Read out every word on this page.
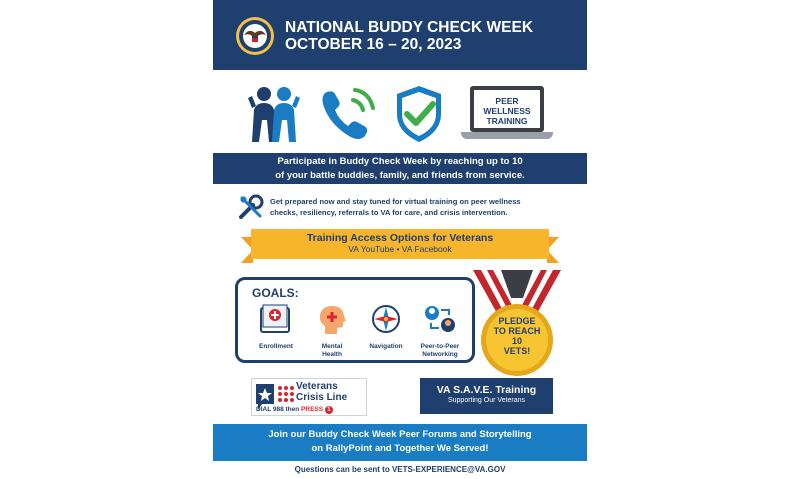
NATIONAL BUDDY CHECK WEEK
OCTOBER 16 – 20, 2023
PEER
WELLNESS
TRAINING
Participate in Buddy Check Week by reaching up to 10
of your battle buddies, family, and friends from service.
Get prepared now and stay tuned for virtual training on peer wellness
checks, resiliency, referrals to VA for care, and crisis intervention.
Training Access Options for Veterans
VA YouTube • VA Facebook
GOALS:
Enrollment	Mental
Health
Navigation	Peer-to-Peer
Networking
PLEDGE
TO REACH
10
VETS!
Veterans
Crisis Line
DIAL 988 then PRESS 1
VA S.A.V.E. Training
Supporting Our Veterans
Join our Buddy Check Week Peer Forums and Storytelling
on RallyPoint and Together We Served!
Questions can be sent to VETS-EXPERIENCE@VA.GOV
